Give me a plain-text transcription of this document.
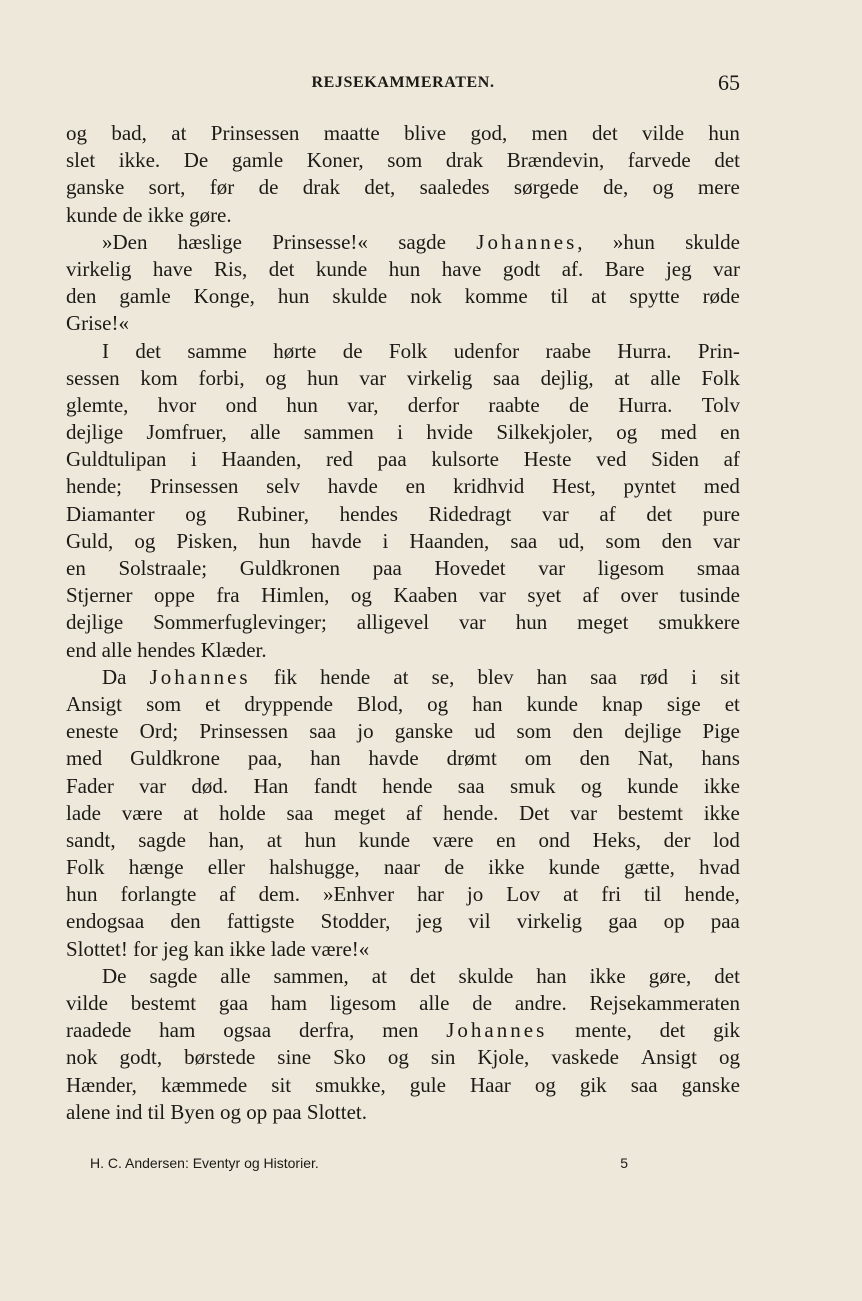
REJSEKAMMERATEN.	65
og bad, at Prinsessen maatte blive god, men det vilde hun
slet ikke. De gamle Koner, som drak Brændevin, farvede det
ganske sort, før de drak det, saaledes sørgede de, og mere
kunde de ikke gøre.
»Den hæslige Prinsesse!« sagde Johannes, »hun skulde
virkelig have Ris, det kunde hun have godt af. Bare jeg var
den gamle Konge, hun skulde nok komme til at spytte røde
Grise!«
I det samme hørte de Folk udenfor raabe Hurra. Prin-
sessen kom forbi, og hun var virkelig saa dejlig, at alle Folk
glemte, hvor ond hun var, derfor raabte de Hurra. Tolv
dejlige Jomfruer, alle sammen i hvide Silkekjoler, og med en
Guldtulipan i Haanden, red paa kulsorte Heste ved Siden af
hende; Prinsessen selv havde en kridhvid Hest, pyntet med
Diamanter og Rubiner, hendes Ridedragt var af det pure
Guld, og Pisken, hun havde i Haanden, saa ud, som den var
en Solstraale; Guldkronen paa Hovedet var ligesom smaa
Stjerner oppe fra Himlen, og Kaaben var syet af over tusinde
dejlige Sommerfuglevinger; alligevel var hun meget smukkere
end alle hendes Klæder.
Da Johannes fik hende at se, blev han saa rød i sit
Ansigt som et dryppende Blod, og han kunde knap sige et
eneste Ord; Prinsessen saa jo ganske ud som den dejlige Pige
med Guldkrone paa, han havde drømt om den Nat, hans
Fader var død. Han fandt hende saa smuk og kunde ikke
lade være at holde saa meget af hende. Det var bestemt ikke
sandt, sagde han, at hun kunde være en ond Heks, der lod
Folk hænge eller halshugge, naar de ikke kunde gætte, hvad
hun forlangte af dem. »Enhver har jo Lov at fri til hende,
endogsaa den fattigste Stodder, jeg vil virkelig gaa op paa
Slottet! for jeg kan ikke lade være!«
De sagde alle sammen, at det skulde han ikke gøre, det
vilde bestemt gaa ham ligesom alle de andre. Rejsekammeraten
raadede ham ogsaa derfra, men Johannes mente, det gik
nok godt, børstede sine Sko og sin Kjole, vaskede Ansigt og
Hænder, kæmmede sit smukke, gule Haar og gik saa ganske
alene ind til Byen og op paa Slottet.
H. C. Andersen: Eventyr og Historier.	5
